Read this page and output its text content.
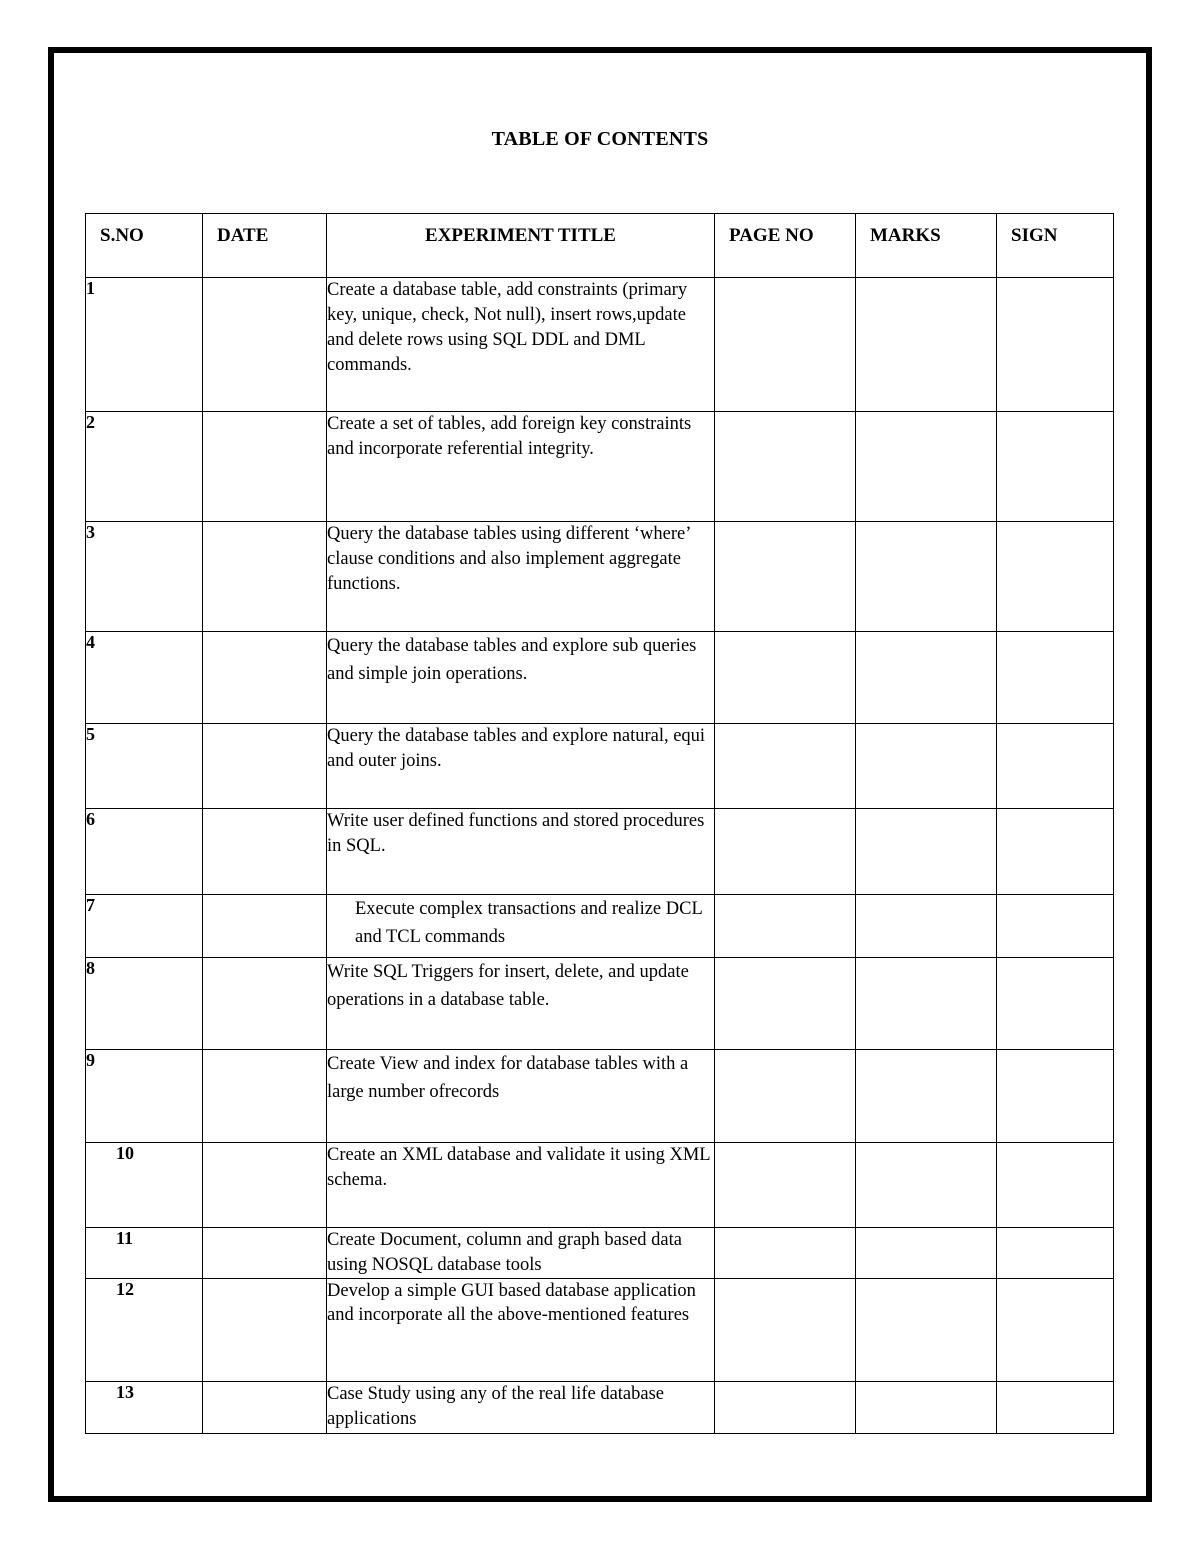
TABLE OF CONTENTS
S.NO	DATE	EXPERIMENT TITLE	PAGE NO	MARKS	SIGN
1		Create a database table, add constraints (primary key, unique, check, Not null), insert rows,update and delete rows using SQL DDL and DML commands.			
2		Create a set of tables, add foreign key constraints and incorporate referential integrity.			
3		Query the database tables using different ‘where’ clause conditions and also implement aggregate functions.			
4		Query the database tables and explore sub queries and simple join operations.			
5		Query the database tables and explore natural, equi and outer joins.			
6		Write user defined functions and stored procedures in SQL.			
7		Execute complex transactions and realize DCL and TCL commands			
8		Write SQL Triggers for insert, delete, and update operations in a database table.			
9		Create View and index for database tables with a large number ofrecords			
10		Create an XML database and validate it using XML schema.			
11		Create Document, column and graph based data using NOSQL database tools			
12		Develop a simple GUI based database application and incorporate all the above-mentioned features			
13		Case Study using any of the real life database applications			
